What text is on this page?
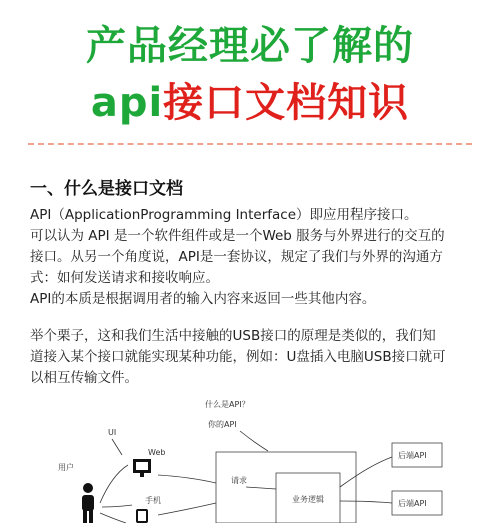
产品经理必了解的
api接口文档知识
一、什么是接口文档
API（ApplicationProgramming Interface）即应用程序接口。
可以认为 API 是一个软件组件或是一个Web 服务与外界进行的交互的
接口。从另一个角度说，API是一套协议，规定了我们与外界的沟通方
式：如何发送请求和接收响应。
API的本质是根据调用者的输入内容来返回一些其他内容。
举个栗子，这和我们生活中接触的USB接口的原理是类似的，我们知
道接入某个接口就能实现某种功能，例如：U盘插入电脑USB接口就可
以相互传输文件。
什么是API？
你的API
UI
用户
Web
手机
请求
业务逻辑
后端API
后端API
